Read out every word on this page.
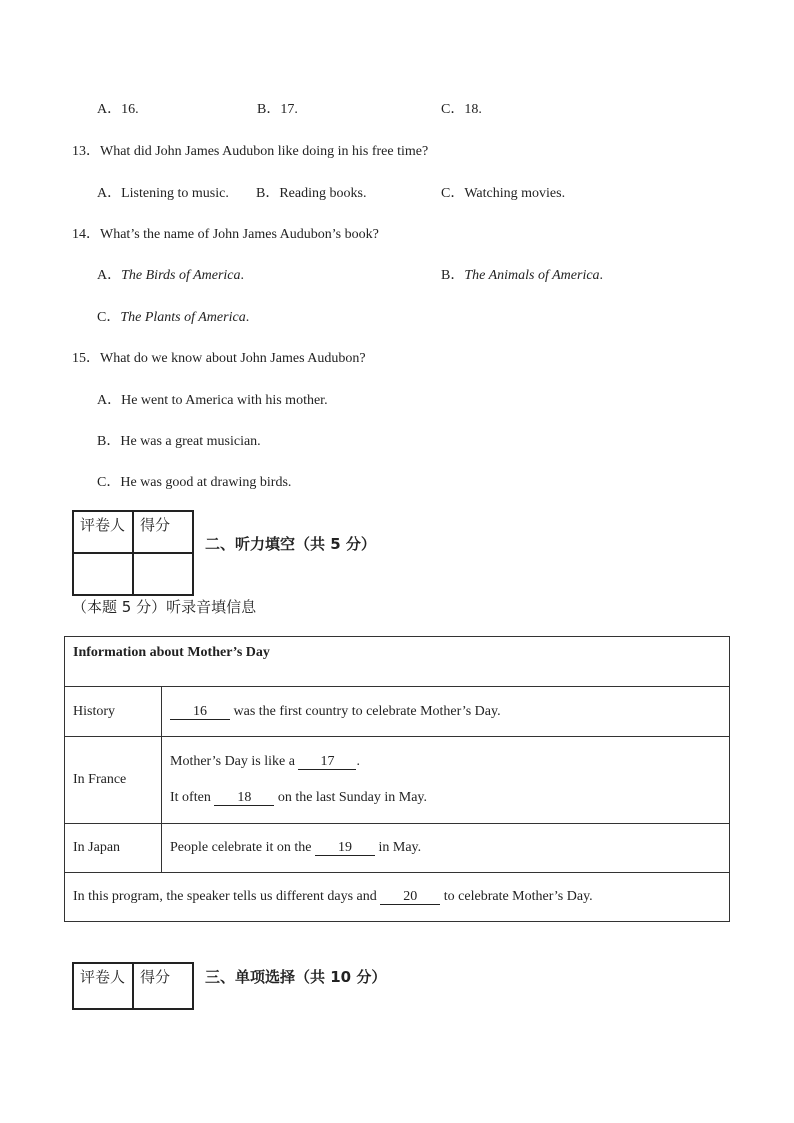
A．16.	B．17.	C．18.
13．What did John James Audubon like doing in his free time?
A．Listening to music. B．Reading books.	C．Watching movies.
14．What’s the name of John James Audubon’s book?
A．The Birds of America.	B．The Animals of America.
C．The Plants of America.
15．What do we know about John James Audubon?
A．He went to America with his mother.
B．He was a great musician.
C．He was good at drawing birds.
评卷人	得分

二、听力填空（共 5 分）
（本题 5 分）听录音填信息
Information about Mother’s Day	
History	16 was the first country to celebrate Mother’s Day.
In France	Mother’s Day is like a 17 .
It often 18 on the last Sunday in May.

In Japan	People celebrate it on the 19 in May.
In this program, the speaker tells us different days and 20 to celebrate Mother’s Day.	
评卷人	得分 三、单项选择（共 10 分）
